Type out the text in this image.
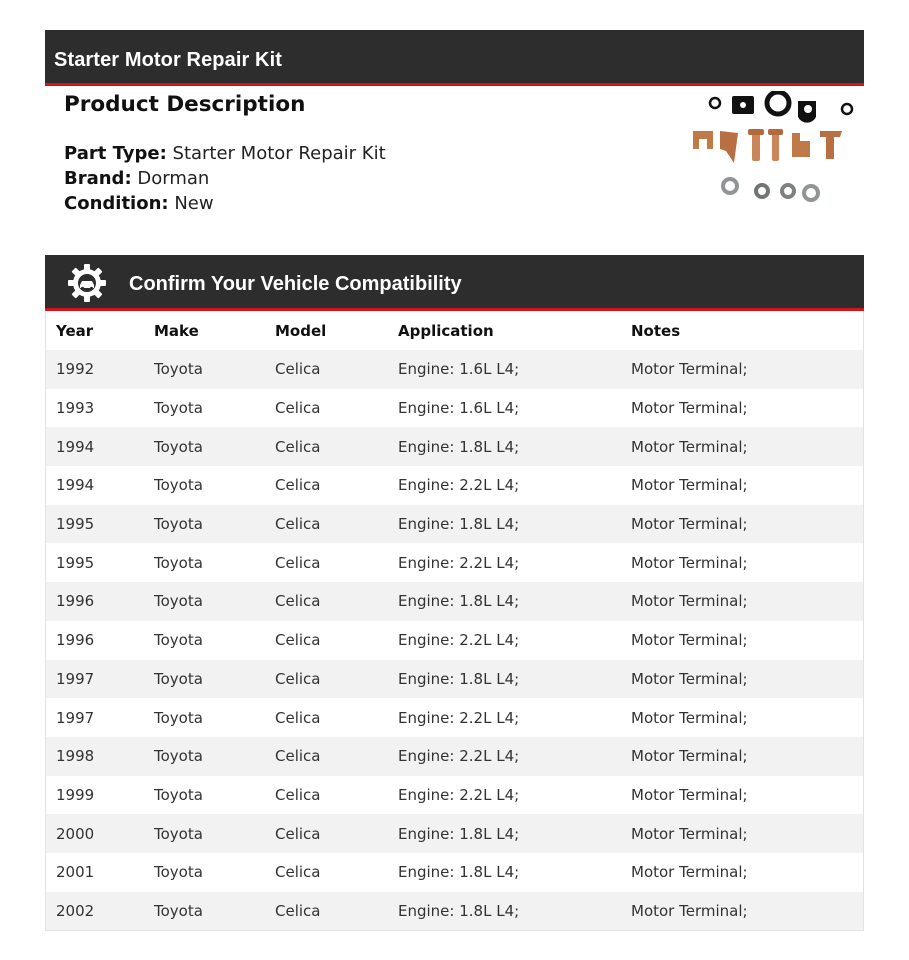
Starter Motor Repair Kit
Product Description
Part Type: Starter Motor Repair Kit
Brand: Dorman
Condition: New
Confirm Your Vehicle Compatibility
Year	Make	Model	Application	Notes
1992	Toyota	Celica	Engine: 1.6L L4;	Motor Terminal;
1993	Toyota	Celica	Engine: 1.6L L4;	Motor Terminal;
1994	Toyota	Celica	Engine: 1.8L L4;	Motor Terminal;
1994	Toyota	Celica	Engine: 2.2L L4;	Motor Terminal;
1995	Toyota	Celica	Engine: 1.8L L4;	Motor Terminal;
1995	Toyota	Celica	Engine: 2.2L L4;	Motor Terminal;
1996	Toyota	Celica	Engine: 1.8L L4;	Motor Terminal;
1996	Toyota	Celica	Engine: 2.2L L4;	Motor Terminal;
1997	Toyota	Celica	Engine: 1.8L L4;	Motor Terminal;
1997	Toyota	Celica	Engine: 2.2L L4;	Motor Terminal;
1998	Toyota	Celica	Engine: 2.2L L4;	Motor Terminal;
1999	Toyota	Celica	Engine: 2.2L L4;	Motor Terminal;
2000	Toyota	Celica	Engine: 1.8L L4;	Motor Terminal;
2001	Toyota	Celica	Engine: 1.8L L4;	Motor Terminal;
2002	Toyota	Celica	Engine: 1.8L L4;	Motor Terminal;
